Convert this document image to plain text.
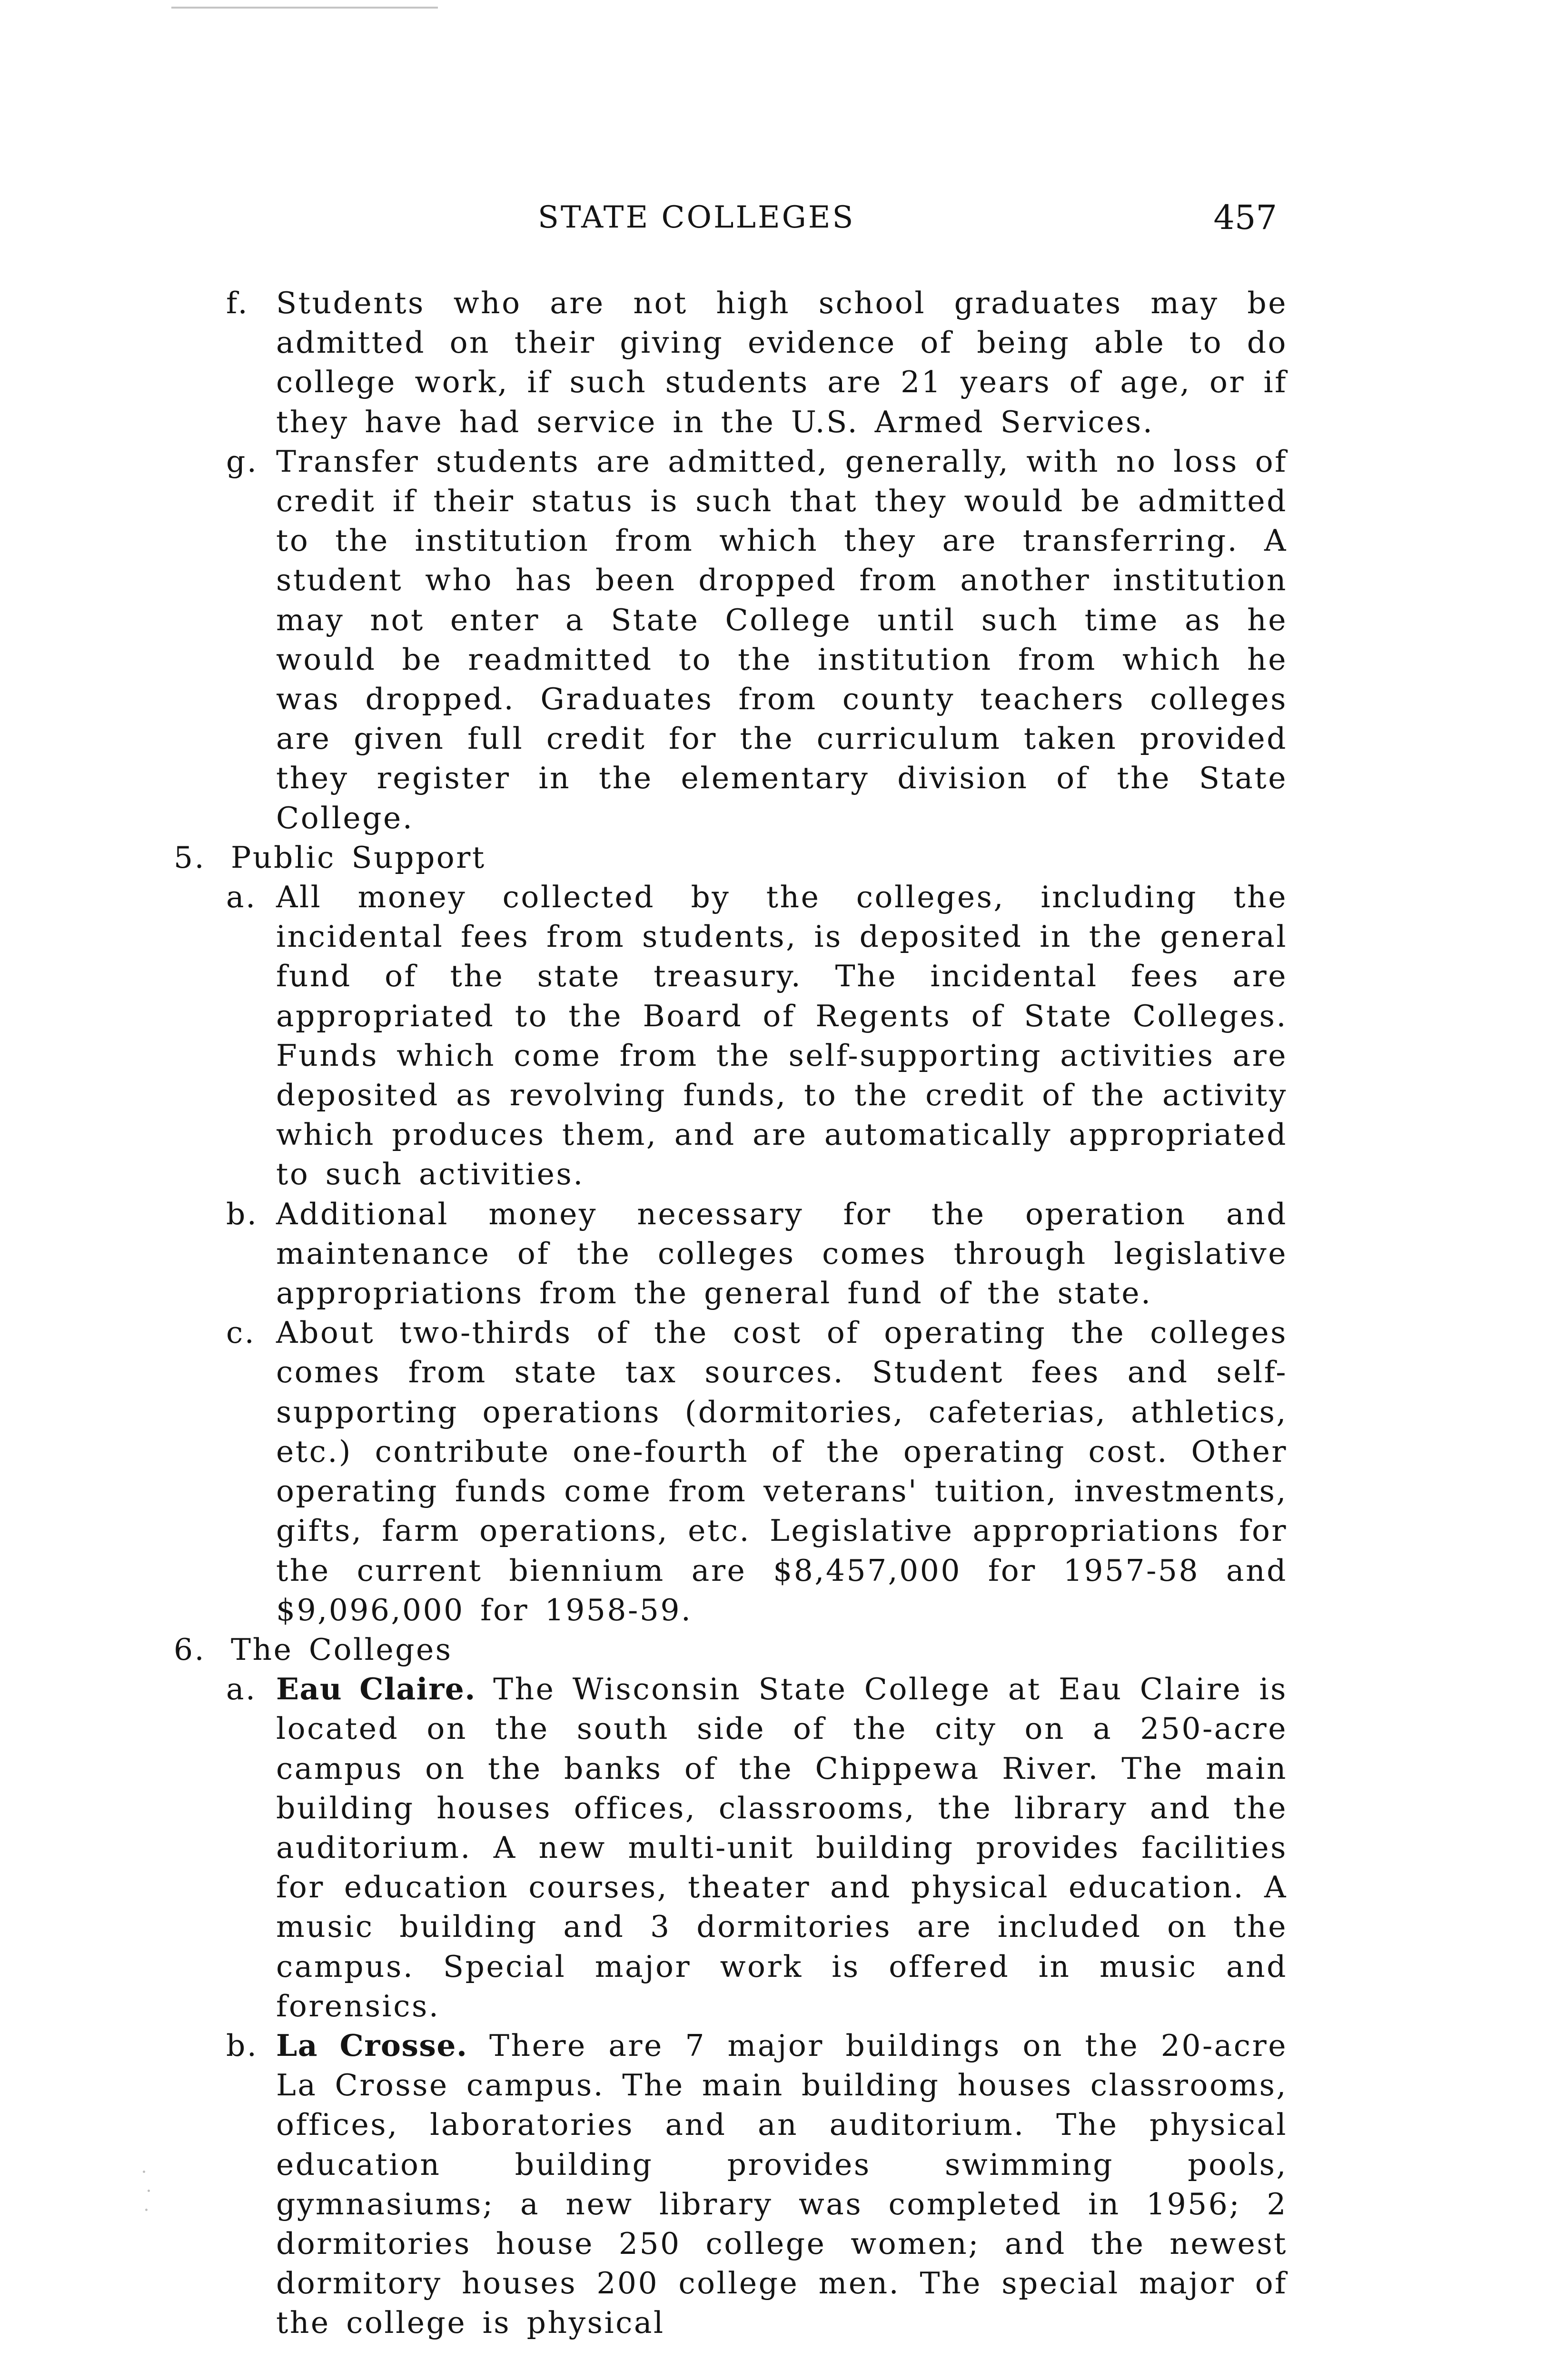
STATE COLLEGES	457
f. Students who are not high school graduates may be admitted on their giving evidence of being able to do college work, if such students are 21 years of age, or if they have had service in the U.S. Armed Services.
g. Transfer students are admitted, generally, with no loss of credit if their status is such that they would be admitted to the institution from which they are transferring. A student who has been dropped from another institution may not enter a State College until such time as he would be readmitted to the institution from which he was dropped. Graduates from county teachers colleges are given full credit for the curriculum taken provided they register in the elementary division of the State College.
5. Public Support
a. All money collected by the colleges, including the incidental fees from students, is deposited in the general fund of the state treasury. The incidental fees are appropriated to the Board of Regents of State Colleges. Funds which come from the self-supporting activities are deposited as revolving funds, to the credit of the activity which produces them, and are automatically appropriated to such activities.
b. Additional money necessary for the operation and maintenance of the colleges comes through legislative appropriations from the general fund of the state.
c. About two-thirds of the cost of operating the colleges comes from state tax sources. Student fees and self-supporting operations (dormitories, cafeterias, athletics, etc.) contribute one-fourth of the operating cost. Other operating funds come from veterans' tuition, investments, gifts, farm operations, etc. Legislative appropriations for the current biennium are $8,457,000 for 1957-58 and $9,096,000 for 1958-59.
6. The Colleges
a. Eau Claire. The Wisconsin State College at Eau Claire is located on the south side of the city on a 250-acre campus on the banks of the Chippewa River. The main building houses offices, classrooms, the library and the auditorium. A new multi-unit building provides facilities for education courses, theater and physical education. A music building and 3 dormitories are included on the campus. Special major work is offered in music and forensics.
b. La Crosse. There are 7 major buildings on the 20-acre La Crosse campus. The main building houses classrooms, offices, laboratories and an auditorium. The physical education building provides swimming pools, gymnasiums; a new library was completed in 1956; 2 dormitories house 250 college women; and the newest dormitory houses 200 college men. The special major of the college is physical
